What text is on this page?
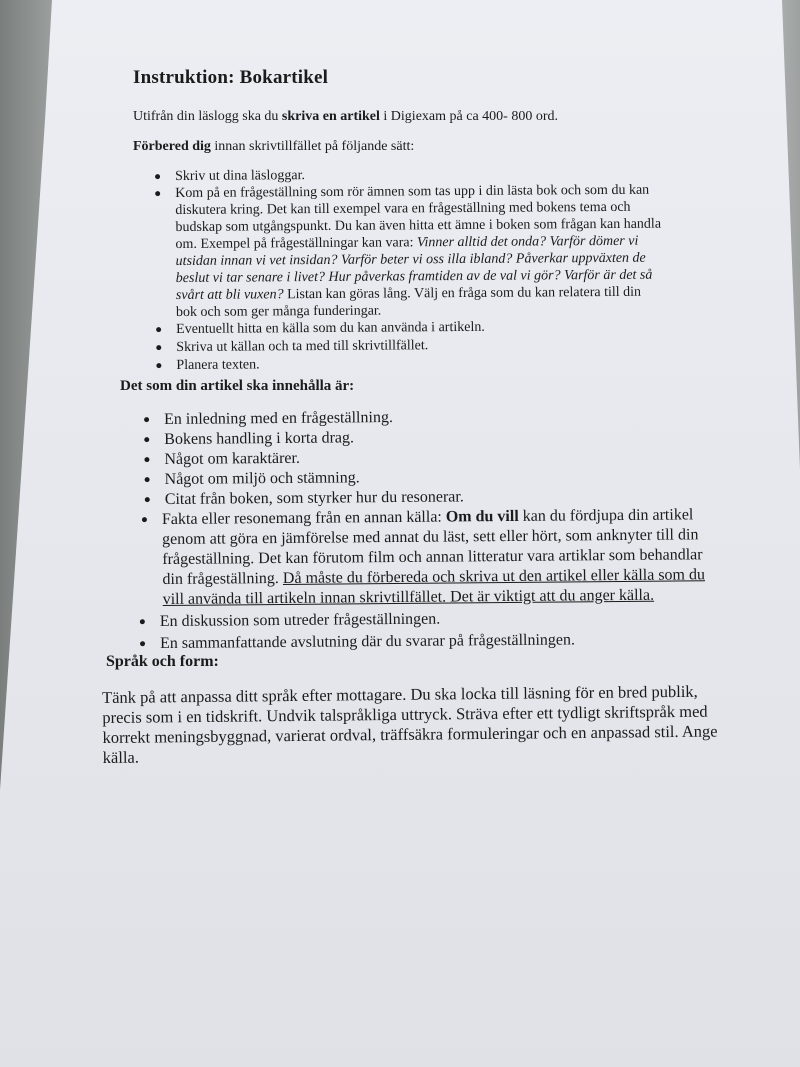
Instruktion: Bokartikel

Utifrån din läslogg ska du skriva en artikel i Digiexam på ca 400- 800 ord.

Förbered dig innan skrivtillfället på följande sätt:

Skriv ut dina läsloggar.
Kom på en frågeställning som rör ämnen som tas upp i din lästa bok och som du kan
diskutera kring. Det kan till exempel vara en frågeställning med bokens tema och
budskap som utgångspunkt. Du kan även hitta ett ämne i boken som frågan kan handla
om. Exempel på frågeställningar kan vara: Vinner alltid det onda? Varför dömer vi
utsidan innan vi vet insidan? Varför beter vi oss illa ibland? Påverkar uppväxten de
beslut vi tar senare i livet? Hur påverkas framtiden av de val vi gör? Varför är det så
svårt att bli vuxen? Listan kan göras lång. Välj en fråga som du kan relatera till din
bok och som ger många funderingar.
Eventuellt hitta en källa som du kan använda i artikeln.
Skriva ut källan och ta med till skrivtillfället.
Planera texten.
Det som din artikel ska innehålla är:
En inledning med en frågeställning.
Bokens handling i korta drag.
Något om karaktärer.
Något om miljö och stämning.
Citat från boken, som styrker hur du resonerar.
Fakta eller resonemang från en annan källa: Om du vill kan du fördjupa din artikel
genom att göra en jämförelse med annat du läst, sett eller hört, som anknyter till din
frågeställning. Det kan förutom film och annan litteratur vara artiklar som behandlar
din frågeställning. Då måste du förbereda och skriva ut den artikel eller källa som du
vill använda till artikeln innan skrivtillfället. Det är viktigt att du anger källa.
En diskussion som utreder frågeställningen.
En sammanfattande avslutning där du svarar på frågeställningen.
Språk och form:

Tänk på att anpassa ditt språk efter mottagare. Du ska locka till läsning för en bred publik,
precis som i en tidskrift. Undvik talspråkliga uttryck. Sträva efter ett tydligt skriftspråk med
korrekt meningsbyggnad, varierat ordval, träffsäkra formuleringar och en anpassad stil. Ange
källa.
